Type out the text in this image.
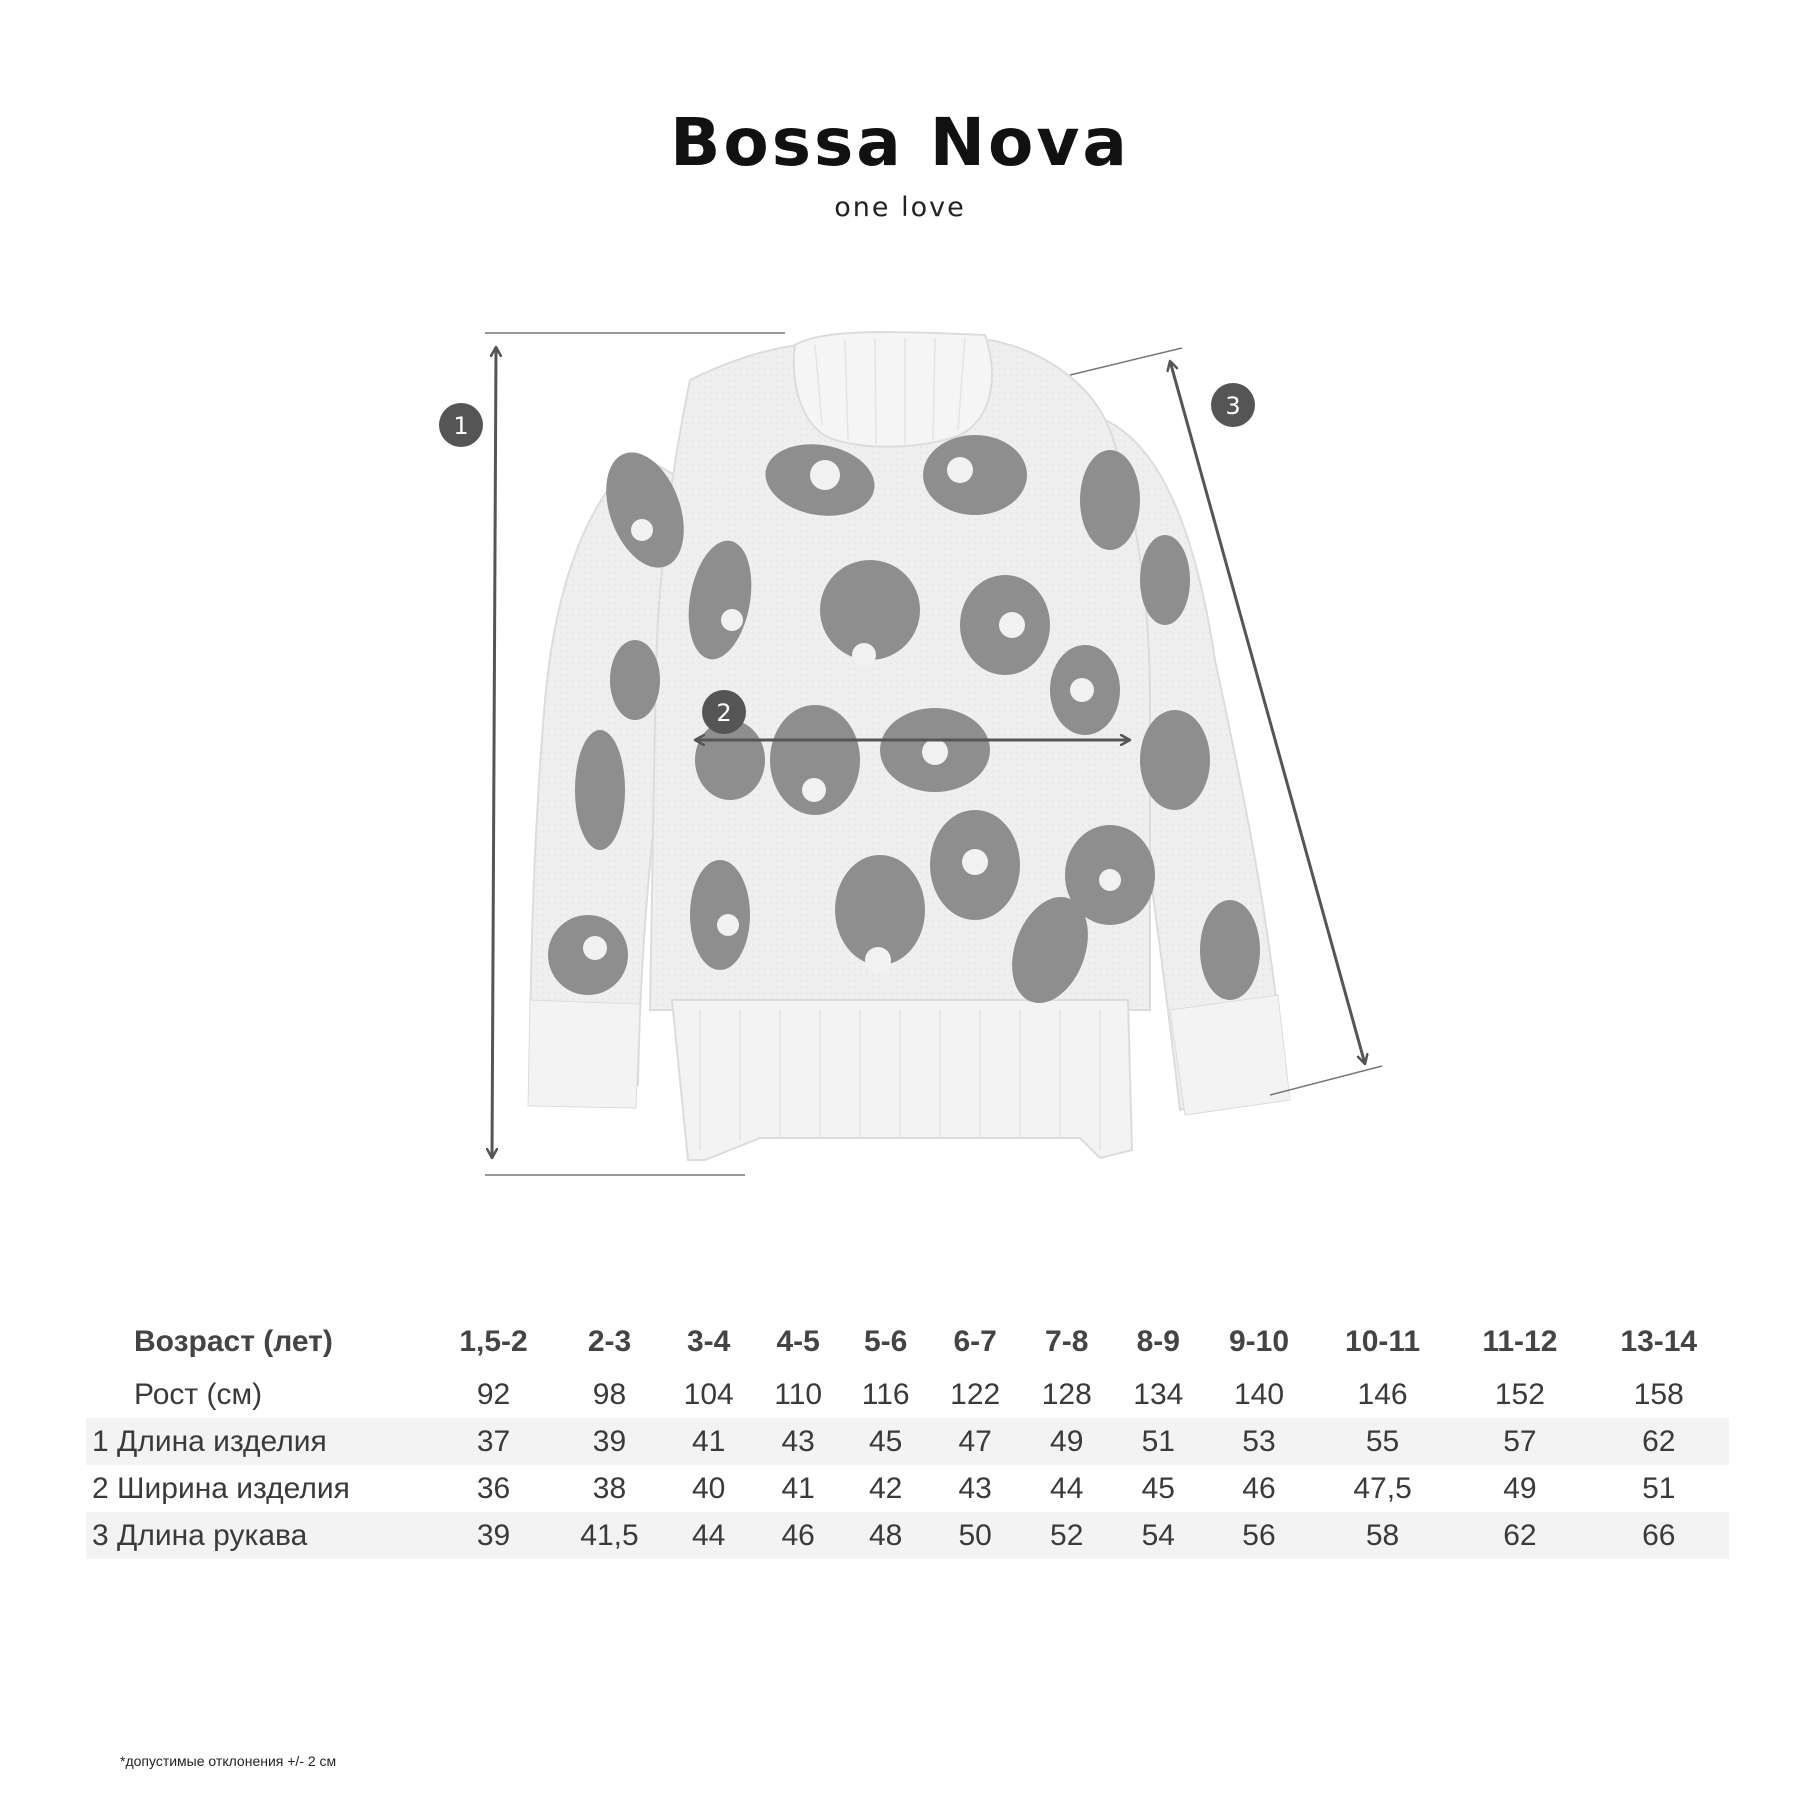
Bossa Nova
one love
1
2
3
Возраст (лет)	1,5-2	2-3	3-4	4-5	5-6	6-7	7-8	8-9	9-10	10-11	11-12	13-14
Рост (см)	92	98	104	110	116	122	128	134	140	146	152	158
1 Длина изделия	37	39	41	43	45	47	49	51	53	55	57	62
2 Ширина изделия	36	38	40	41	42	43	44	45	46	47,5	49	51
3 Длина рукава	39	41,5	44	46	48	50	52	54	56	58	62	66
*допустимые отклонения +/- 2 см
